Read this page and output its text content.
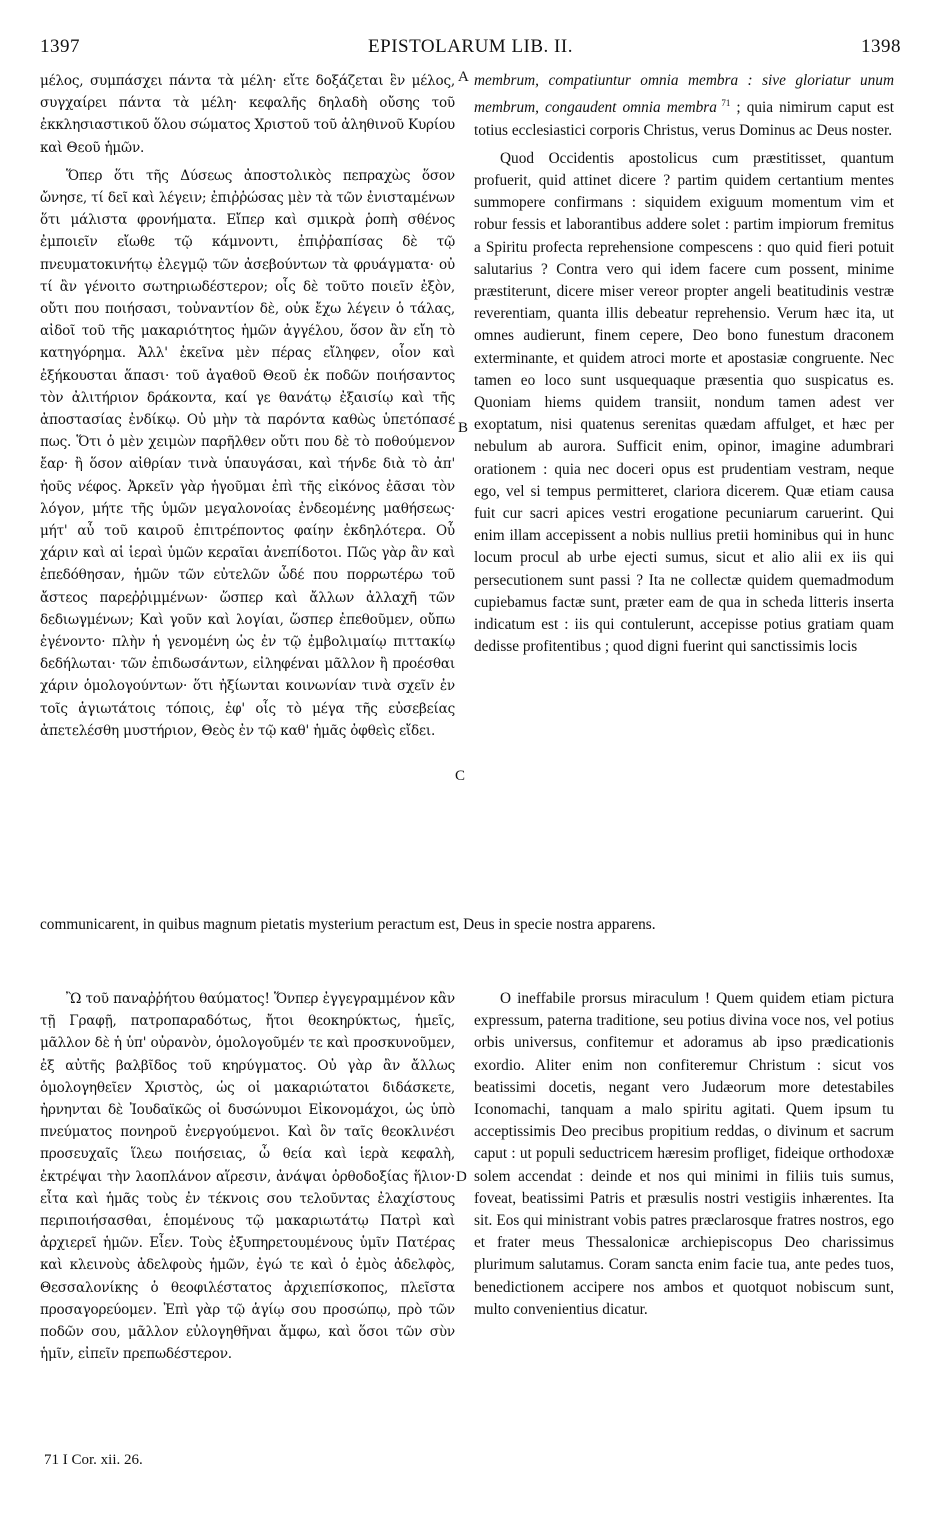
1397	EPISTOLARUM LIB. II.	1398
A
B
C
D

μέλος, συμπάσχει πάντα τὰ μέλη· εἴτε δοξάζεται ἓν μέλος, συγχαίρει πάντα τὰ μέλη· κεφαλῆς δηλαδὴ οὔσης τοῦ ἐκκλησιαστικοῦ ὅλου σώματος Χριστοῦ τοῦ ἀληθινοῦ Κυρίου καὶ Θεοῦ ἡμῶν.

Ὅπερ ὅτι τῆς Δύσεως ἀποστολικὸς πεπραχὼς ὅσον ὤνησε, τί δεῖ καὶ λέγειν; ἐπιῤῥώσας μὲν τὰ τῶν ἐνισταμένων ὅτι μάλιστα φρονήματα. Εἴπερ καὶ σμικρὰ ῥοπὴ σθένος ἐμποιεῖν εἴωθε τῷ κάμνοντι, ἐπιῤῥαπίσας δὲ τῷ πνευματοκινήτῳ ἐλεγμῷ τῶν ἀσεβούντων τὰ φρυάγματα· οὐ τί ἂν γένοιτο σωτηριωδέστερον; οἷς δὲ τοῦτο ποιεῖν ἐξὸν, οὔτι που ποιήσασι, τοὐναντίον δὲ, οὐκ ἔχω λέγειν ὁ τάλας, αἰδοῖ τοῦ τῆς μακαριότητος ἡμῶν ἀγγέλου, ὅσον ἂν εἴη τὸ κατηγόρημα. Ἀλλ' ἐκεῖνα μὲν πέρας εἴληφεν, οἷον καὶ ἐξήκουσται ἅπασι· τοῦ ἀγαθοῦ Θεοῦ ἐκ ποδῶν ποιήσαντος τὸν ἀλιτήριον δράκοντα, καί γε θανάτῳ ἐξαισίῳ καὶ τῆς ἀποστασίας ἐνδίκῳ. Οὐ μὴν τὰ παρόντα καθὼς ὑπετόπασέ πως. Ὅτι ὁ μὲν χειμὼν παρῆλθεν οὔτι που δὲ τὸ ποθούμενον ἔαρ· ἢ ὅσον αἰθρίαν τινὰ ὑπαυγάσαι, καὶ τήνδε διὰ τὸ ἀπ' ἠοῦς νέφος. Ἀρκεῖν γὰρ ἡγοῦμαι ἐπὶ τῆς εἰκόνος ἐᾶσαι τὸν λόγον, μήτε τῆς ὑμῶν μεγαλονοίας ἐνδεομένης μαθήσεως· μήτ' αὖ τοῦ καιροῦ ἐπιτρέποντος φαίην ἐκδηλότερα. Οὗ χάριν καὶ αἱ ἱεραὶ ὑμῶν κεραῖαι ἀνεπίδοτοι. Πῶς γὰρ ἂν καὶ ἐπεδόθησαν, ἡμῶν τῶν εὐτελῶν ὧδέ που πορρωτέρω τοῦ ἄστεος παρεῤῥιμμένων· ὥσπερ καὶ ἄλλων ἀλλαχῆ τῶν δεδιωγμένων; Καὶ γοῦν καὶ λογίαι, ὥσπερ ἐπεθοῦμεν, οὔπω ἐγένοντο· πλὴν ἡ γενομένη ὡς ἐν τῷ ἐμβολιμαίῳ πιττακίῳ δεδήλωται· τῶν ἐπιδωσάντων, εἰληφέναι μᾶλλον ἢ προέσθαι χάριν ὁμολογούντων· ὅτι ἠξίωνται κοινωνίαν τινὰ σχεῖν ἐν τοῖς ἁγιωτάτοις τόποις, ἐφ' οἷς τὸ μέγα τῆς εὐσεβείας ἀπετελέσθη μυστήριον, Θεὸς ἐν τῷ καθ' ἡμᾶς ὀφθεὶς εἴδει.

membrum, compatiuntur omnia membra : sive gloriatur unum membrum, congaudent omnia membra $^{71}$ ; quia nimirum caput est totius ecclesiastici corporis Christus, verus Dominus ac Deus noster.

Quod Occidentis apostolicus cum præstitisset, quantum profuerit, quid attinet dicere ? partim quidem certantium mentes summopere confirmans : siquidem exiguum momentum vim et robur fessis et laborantibus addere solet : partim impiorum fremitus a Spiritu profecta reprehensione compescens : quo quid fieri potuit salutarius ? Contra vero qui idem facere cum possent, minime præstiterunt, dicere miser vereor propter angeli beatitudinis vestræ reverentiam, quanta illis debeatur reprehensio. Verum hæc ita, ut omnes audierunt, finem cepere, Deo bono funestum draconem exterminante, et quidem atroci morte et apostasiæ congruente. Nec tamen eo loco sunt usquequaque præsentia quo suspicatus es. Quoniam hiems quidem transiit, nondum tamen adest ver exoptatum, nisi quatenus serenitas quædam affulget, et hæc per nebulum ab aurora. Sufficit enim, opinor, imagine adumbrari orationem : quia nec doceri opus est prudentiam vestram, neque ego, vel si tempus permitteret, clariora dicerem. Quæ etiam causa fuit cur sacri apices vestri erogatione pecuniarum caruerint. Qui enim illam accepissent a nobis nullius pretii hominibus qui in hunc locum procul ab urbe ejecti sumus, sicut et alio alii ex iis qui persecutionem sunt passi ? Ita ne collectæ quidem quemadmodum cupiebamus factæ sunt, præter eam de qua in scheda litteris inserta indicatum est : iis qui contulerunt, accepisse potius gratiam quam dedisse profitentibus ; quod digni fuerint qui sanctissimis locis

communicarent, in quibus magnum pietatis mysterium peractum est, Deus in specie nostra apparens.

Ὢ τοῦ παναῤῥήτου θαύματος! Ὅνπερ ἐγγεγραμμένον κἂν τῇ Γραφῇ, πατροπαραδότως, ἤτοι θεοκηρύκτως, ἡμεῖς, μᾶλλον δὲ ἡ ὑπ' οὐρανὸν, ὁμολογοῦμέν τε καὶ προσκυνοῦμεν, ἐξ αὐτῆς βαλβῖδος τοῦ κηρύγματος. Οὐ γὰρ ἂν ἄλλως ὁμολογηθεῖεν Χριστὸς, ὡς οἱ μακαριώτατοι διδάσκετε, ἠρνηνται δὲ Ἰουδαϊκῶς οἱ δυσώνυμοι Εἰκονομάχοι, ὡς ὑπὸ πνεύματος πονηροῦ ἐνεργούμενοι. Καὶ ὃν ταῖς θεοκλινέσι προσευχαῖς ἵλεω ποιήσειας, ὦ θεία καὶ ἱερὰ κεφαλὴ, ἐκτρέψαι τὴν λαοπλάνον αἵρεσιν, ἀνάψαι ὀρθοδοξίας ἥλιον· εἶτα καὶ ἡμᾶς τοὺς ἐν τέκνοις σου τελοῦντας ἐλαχίστους περιποιήσασθαι, ἑπομένους τῷ μακαριωτάτῳ Πατρὶ καὶ ἀρχιερεῖ ἡμῶν. Εἶεν. Τοὺς ἐξυπηρετουμένους ὑμῖν Πατέρας καὶ κλεινοὺς ἀδελφοὺς ἡμῶν, ἐγώ τε καὶ ὁ ἐμὸς ἀδελφὸς, Θεσσαλονίκης ὁ θεοφιλέστατος ἀρχιεπίσκοπος, πλεῖστα προσαγορεύομεν. Ἐπὶ γὰρ τῷ ἁγίῳ σου προσώπῳ, πρὸ τῶν ποδῶν σου, μᾶλλον εὐλογηθῆναι ἄμφω, καὶ ὅσοι τῶν σὺν ἡμῖν, εἰπεῖν πρεπωδέστερον.

O ineffabile prorsus miraculum ! Quem quidem etiam pictura expressum, paterna traditione, seu potius divina voce nos, vel potius orbis universus, confitemur et adoramus ab ipso prædicationis exordio. Aliter enim non confiteremur Christum : sicut vos beatissimi docetis, negant vero Judæorum more detestabiles Iconomachi, tanquam a malo spiritu agitati. Quem ipsum tu acceptissimis Deo precibus propitium reddas, o divinum et sacrum caput : ut populi seductricem hæresim profliget, fideique orthodoxæ solem accendat : deinde et nos qui minimi in filiis tuis sumus, foveat, beatissimi Patris et præsulis nostri vestigiis inhærentes. Ita sit. Eos qui ministrant vobis patres præclarosque fratres nostros, ego et frater meus Thessalonicæ archiepiscopus Deo charissimus plurimum salutamus. Coram sancta enim facie tua, ante pedes tuos, benedictionem accipere nos ambos et quotquot nobiscum sunt, multo convenientius dicatur.

71 I Cor. xii. 26.
